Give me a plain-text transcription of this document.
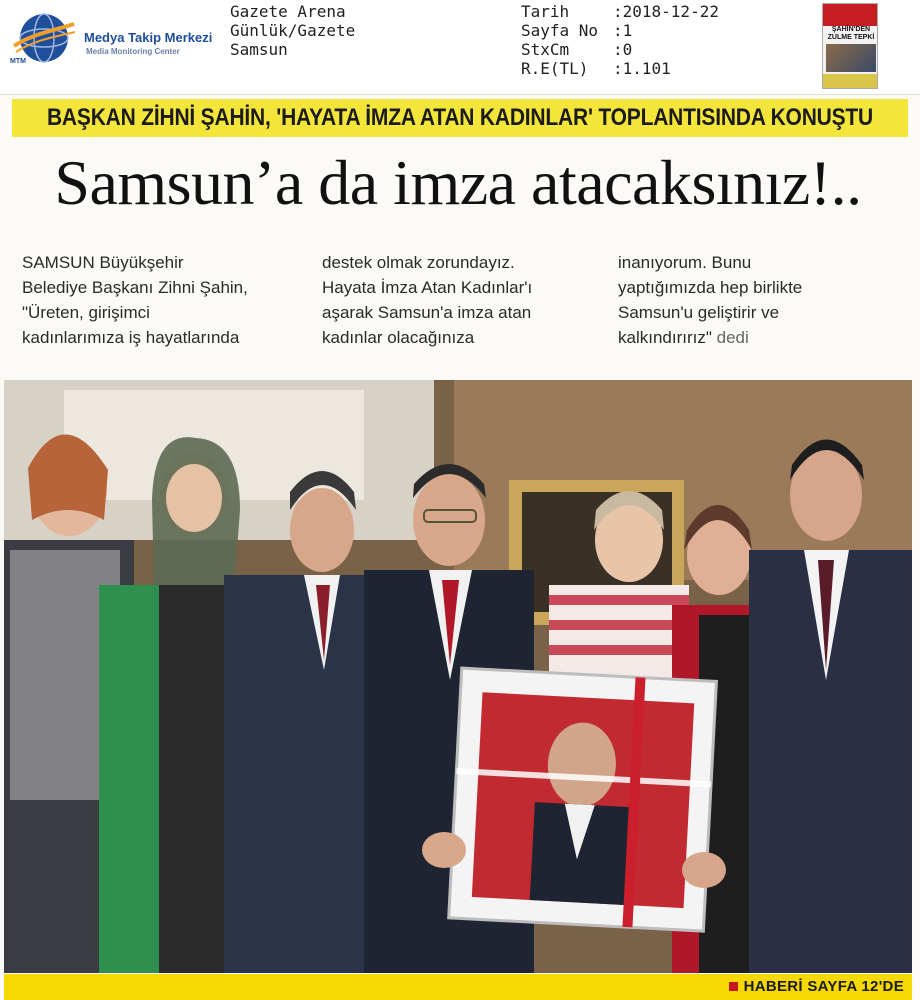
Medya Takip Merkezi
Media Monitoring Center
MTM
Gazete Arena
Günlük/Gazete
Samsun
Tarih	:2018-12-22
Sayfa No :1
StxCm	:0
R.E(TL)	:1.101
ŞAHİN'DEN ZULME TEPKİ
BAŞKAN ZİHNİ ŞAHİN, 'HAYATA İMZA ATAN KADINLAR' TOPLANTISINDA KONUŞTU
Samsun’a da imza atacaksınız!..
SAMSUN Büyükşehir
Belediye Başkanı Zihni Şahin,
"Üreten, girişimci
kadınlarımıza iş hayatlarında
destek olmak zorundayız.
Hayata İmza Atan Kadınlar'ı
aşarak Samsun'a imza atan
kadınlar olacağınıza
inanıyorum. Bunu
yaptığımızda hep birlikte
Samsun'u geliştirir ve
kalkındırırız" dedi
HABERİ SAYFA 12'DE
